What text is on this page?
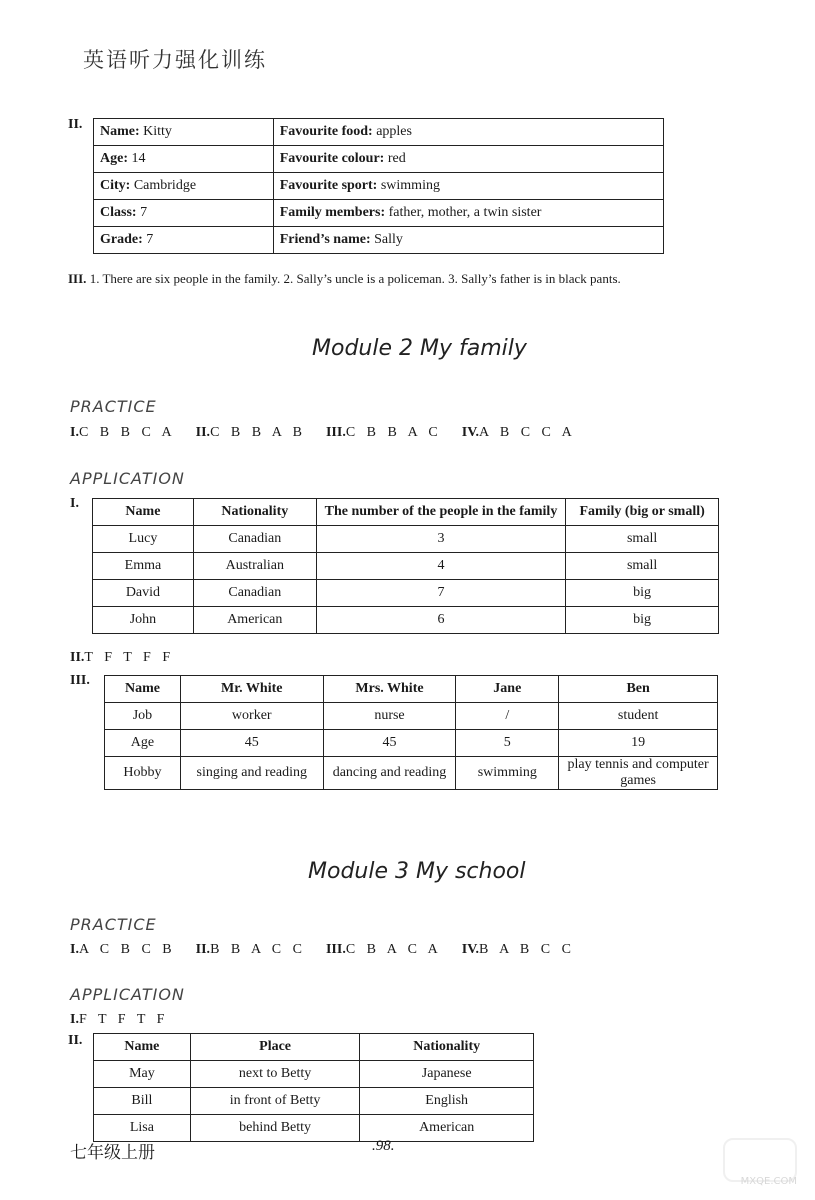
英语听力强化训练
II. Name: Kitty	Favourite food: apples
Age: 14	Favourite colour: red
City: Cambridge	Favourite sport: swimming
Class: 7	Family members: father, mother, a twin sister
Grade: 7	Friend’s name: Sally
III. 1. There are six people in the family. 2. Sally’s uncle is a policeman. 3. Sally’s father is in black pants.
Module 2 My family
PRACTICE
I.C B B C A II.C B B A B III.C B B A C IV.A B C C A
APPLICATION
I.
Name	Nationality	The number of the people in the family	Family (big or small)
Lucy	Canadian	3	small
Emma	Australian	4	small
David	Canadian	7	big
John	American	6	big
II.T F T F F
III.
Name	Mr. White	Mrs. White	Jane	Ben
Job	worker	nurse	/	student
Age	45	45	5	19
Hobby	singing and reading	dancing and reading	swimming	play tennis and computer games
Module 3 My school
PRACTICE
I.A C B C B II.B B A C C III.C B A C A IV.B A B C C
APPLICATION
I.F T F T F
II.	Name	Place	Nationality
May	next to Betty	Japanese
Bill	in front of Betty	English
Lisa	behind Betty	American
七年级上册	.98.
MXQE.COM
